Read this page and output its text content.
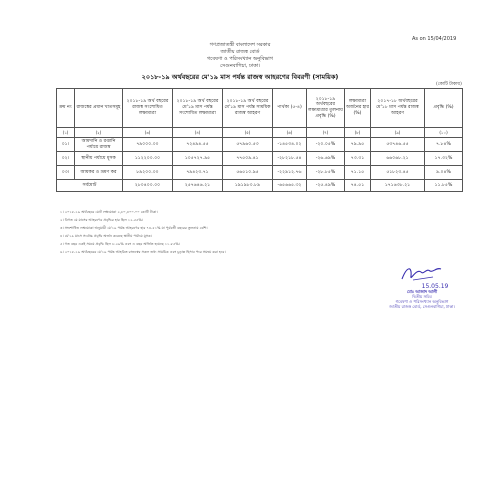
As on 15/04/2019
গণপ্রজাতন্ত্রী বাংলাদেশ সরকার
জাতীয় রাজস্ব বোর্ড
গবেষণা ও পরিসংখ্যান অনুবিভাগ
সেগুনবাগিচা, ঢাকা।
২০১৮-১৯ অর্থবছরের মে'১৯ মাস পর্যন্ত রাজস্ব আহরণের বিবরণী (সাময়িক)
(কোটি টাকায়)
ক্রম নং	রাজস্বের প্রধান খাতসমূহ	২০১৮-১৯ অর্থ বছরের রাজস্ব সংশোধিত লক্ষ্যমাত্রা	২০১৮-১৯ অর্থ বছরের মে'১৯ মাস পর্যন্ত সংশোধিত লক্ষ্যমাত্রা	২০১৮-১৯ অর্থ বছরের মে'১৯ মাস পর্যন্ত সাময়িক রাজস্ব আহরণ	পার্থক্য (৫-৪)	২০১৮-১৯ অর্থবছরের লক্ষ্যমাত্রার তুলনায় প্রবৃদ্ধি (%)	লক্ষ্যমাত্রা অর্জনের হার (%)	২০১৭-১৮ অর্থবছরের মে'১৮ মাস পর্যন্ত রাজস্ব আহরণ	প্রবৃদ্ধি (%)
(১)	(২)	(৩)	(৪)	(৫)	(৬)	(৭)	(৮)	(৯)	(১০)
০১।	আমদানি ও রপ্তানি পর্যায়ে রাজস্ব	৭৯০০০.০০	৭২৪৯৪.৫৫	৫৭৯৬০.৫৩	-১৪৫৩৪.০২	-২০.০৫%	৭৯.৯৫	৫৩৭৪৬.৫৫	৭.৮৪%
০২।	স্থানীয় পর্যায়ে মূসক	১১২২০০.০০	১০৫৭২৭.৯৫	৭৭৫০৯.৪১	-২৮২১৮.৫৪	-২৬.৬৯%	৭৩.৩১	৬৬০৬৮.২১	১৭.৩২%
০৩।	আয়কর ও ভ্রমণ কর	৮৯২০০.০০	৭৯৪২৩.৭১	৫৬৫১০.৯৫	-২২৯১২.৭৬	-২৮.৮৫%	৭১.১৫	৫১৮২৩.৪৫	৯.০৪%
সর্বমোট		২৮০৪০০.০০	২৫৭৬৪৬.২১	১৯১৯৮০.৮৯	-৬৫৬৬৫.৩২	-২৫.৪৯%	৭৪.৫১	১৭১৬৩৮.২১	১১.৮৫%
১। ২০১৮-১৯ অর্থবছরে মোট লক্ষ্যমাত্রা ২,৮০,৪০০.০০ কোটি টাকা।
২। বিগত মে মাসের আহরণের প্রবৃদ্ধির হার ছিল ১২.৫৫%।
৩। সংশোধিত লক্ষ্যমাত্রা অনুযায়ী মে'১৯ পর্যন্ত আহরণের হার ৭৪.৫১% যা পূর্ববর্তী বছরের তুলনায় বেশি।
৪। মে'১৯ মাসে সর্বোচ্চ প্রবৃদ্ধি অর্জন করেছে স্থানীয় পর্যায়ে মূসক।
৫। গত বছর একই সময়ে প্রবৃদ্ধি ছিল ৮.২৯% এবং এ বছর অর্জিত হয়েছে ১১.৮৫%।
৬। ২০১৮-১৯ অর্থবছরের মে'১৯ পর্যন্ত আহরিত রাজস্বের সকল তথ্য সাময়িক এবং চূড়ান্ত হিসাব পরে সমন্বয় করা হবে।
15.05.19
মোঃ আজাদ আলী
দ্বিতীয় সচিব
গবেষণা ও পরিসংখ্যান অনুবিভাগ
জাতীয় রাজস্ব বোর্ড, সেগুনবাগিচা, ঢাকা।
